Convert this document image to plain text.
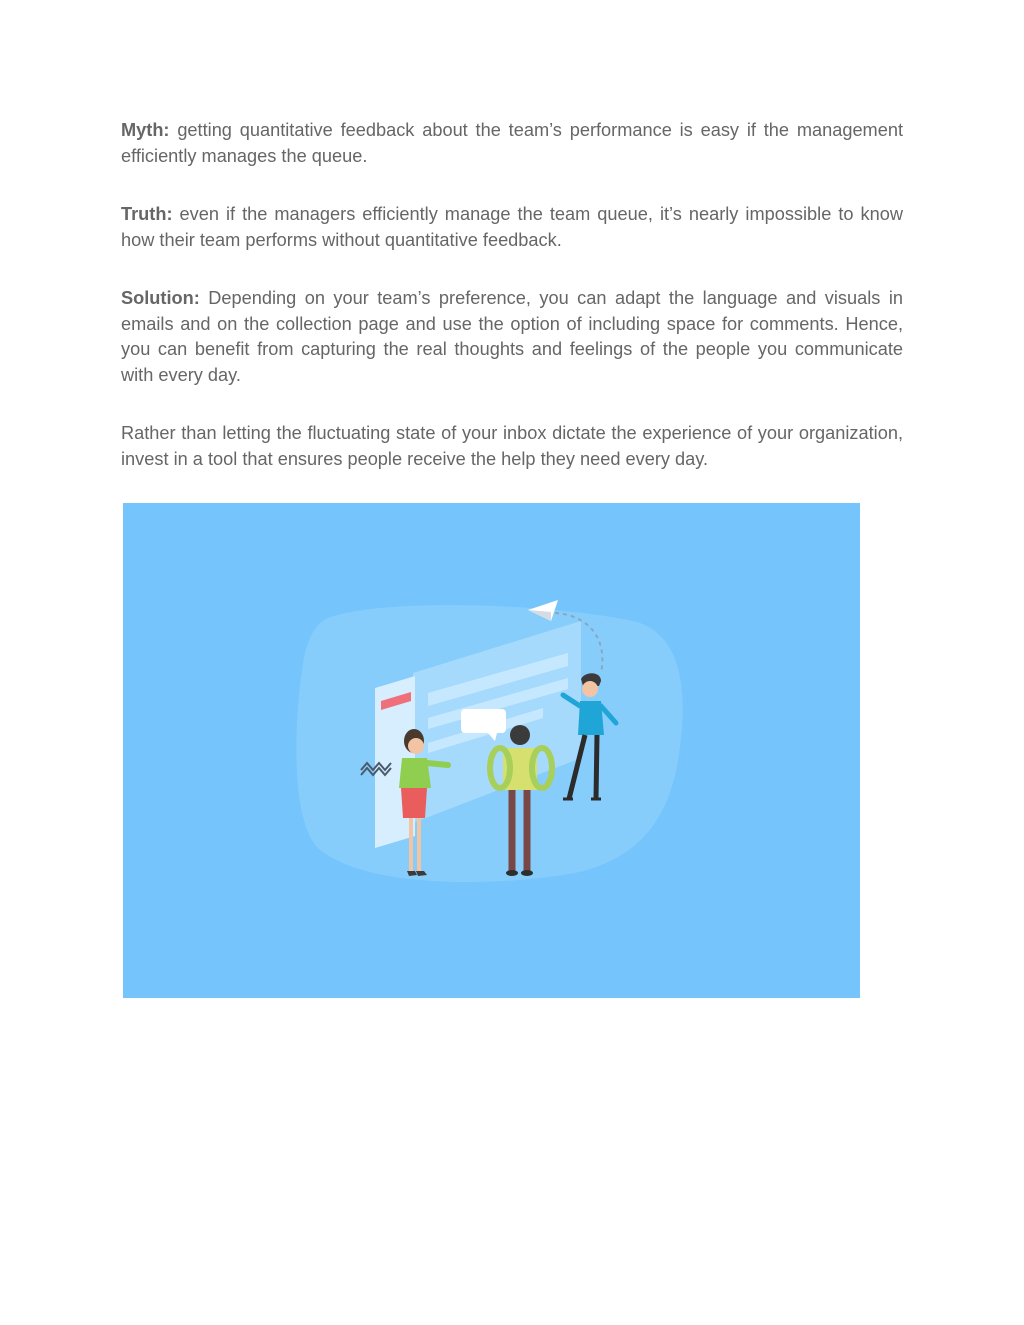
Myth: getting quantitative feedback about the team’s performance is easy if the management efficiently manages the queue.

Truth: even if the managers efficiently manage the team queue, it’s nearly impossible to know how their team performs without quantitative feedback.

Solution: Depending on your team’s preference, you can adapt the language and visuals in emails and on the collection page and use the option of including space for comments. Hence, you can benefit from capturing the real thoughts and feelings of the people you communicate with every day.

Rather than letting the fluctuating state of your inbox dictate the experience of your organization, invest in a tool that ensures people receive the help they need every day.
